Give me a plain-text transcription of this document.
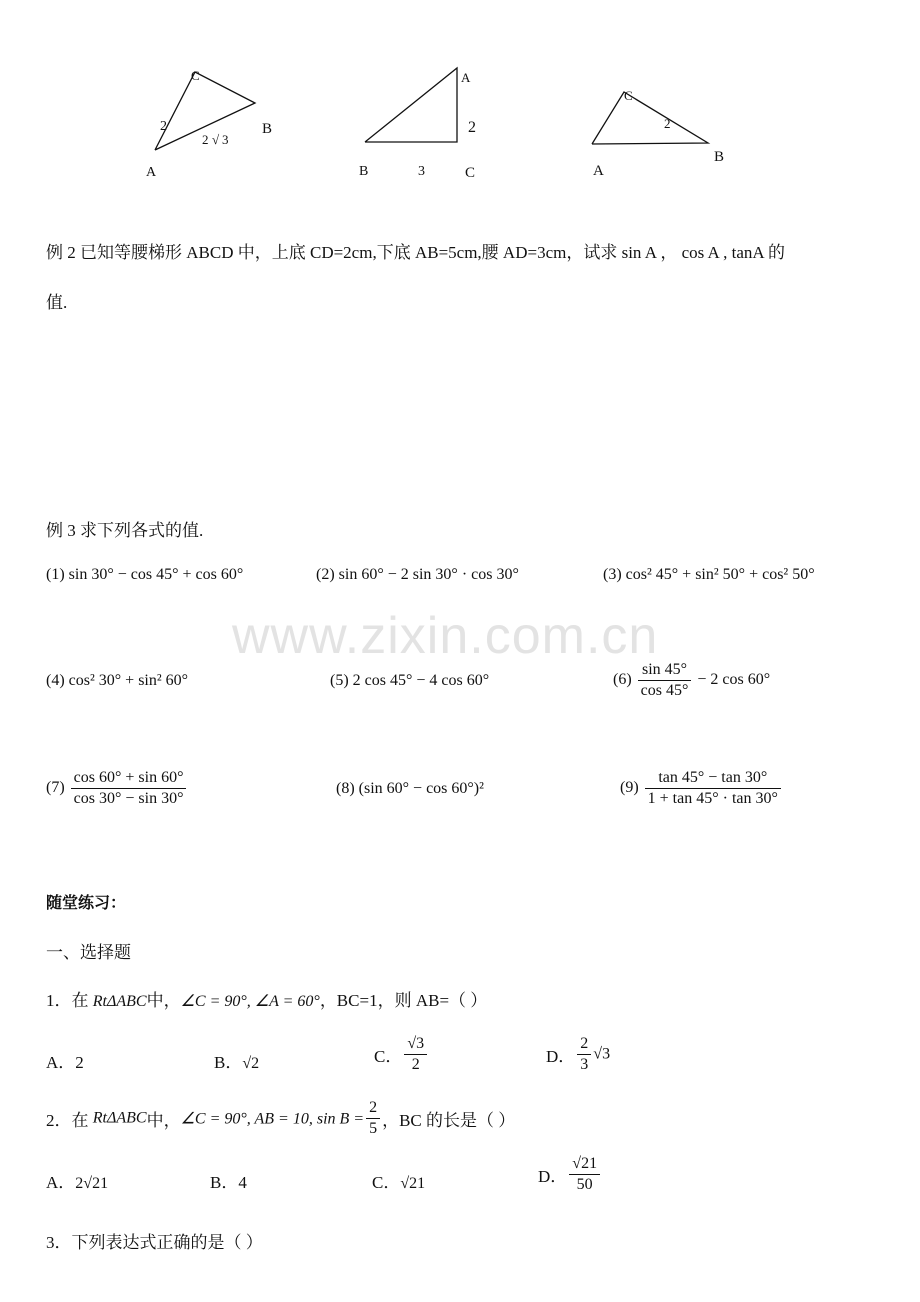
A
B
C
2
2 √ 3
A
B	C
2
3	A
B
C
2
例 2 已知等腰梯形 ABCD 中，上底 CD=2cm,下底 AB=5cm,腰 AD=3cm，试求 sin A ， cos A , tanA 的
值.
例 3 求下列各式的值.
(1) sin 30° − cos 45° + cos 60°	(2) sin 60° − 2 sin 30° · cos 30°	(3) cos² 45° + sin² 50° + cos² 50°
www.zixin.com.cn
(4) cos² 30° + sin² 60°	(5) 2 cos 45° − 4 cos 60°	$(6) \frac{\sin 45^\circ}{\cos 45^\circ} - 2$ cos 60°
$(7) \frac{\cos 60^\circ + \sin 60^\circ}{\cos 30^\circ - \sin 30^\circ}$	(8) (sin 60° − cos 60°)²	$(9) \frac{\tan 45^\circ - \tan 30^\circ}{1 + \tan 45^\circ \cdot \tan 30^\circ}$
随堂练习：
一、选择题
1．在 RtΔABC中，∠C = 90°, ∠A = 60°，BC=1，则 AB=（ ）
A．2	B．√2	C． $\frac{√3}{2}$	D． $\frac{2}{3} √3$
2．在 RtΔABC中，∠C = 90°, AB = 10, $\sin B = \frac{2}{5}$ ，BC 的长是（ ）
A．2√21	B．4	C．√21	D． $\frac{√21}{50}$
3．下列表达式正确的是（ ）
